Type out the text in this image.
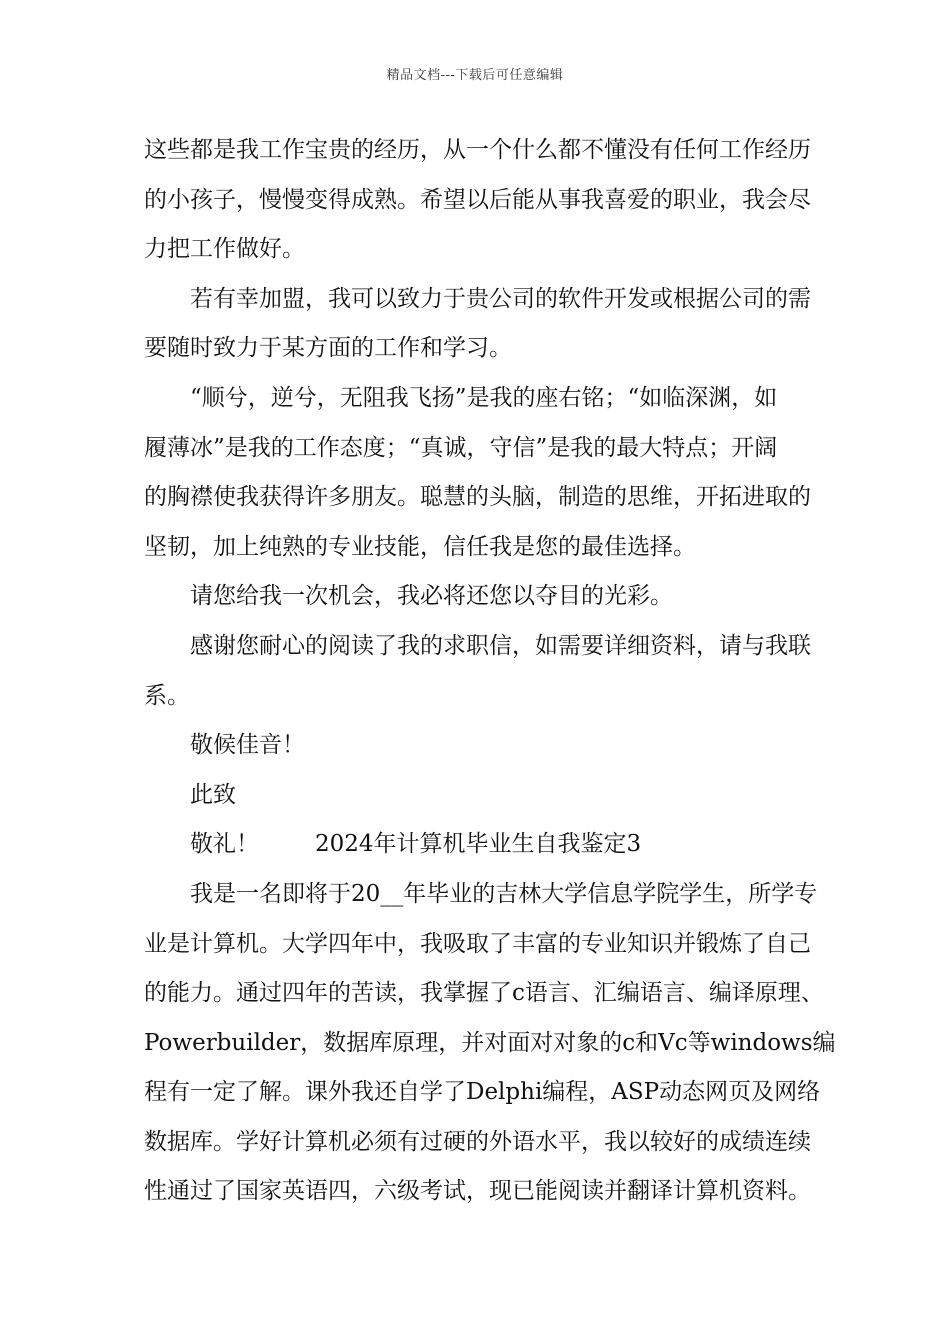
精品文档---下载后可任意编辑
这些都是我工作宝贵的经历，从一个什么都不懂没有任何工作经历
的小孩子，慢慢变得成熟。希望以后能从事我喜爱的职业，我会尽
力把工作做好。
若有幸加盟，我可以致力于贵公司的软件开发或根据公司的需
要随时致力于某方面的工作和学习。
“顺兮，逆兮，无阻我飞扬”是我的座右铭；“如临深渊，如
履薄冰”是我的工作态度；“真诚，守信”是我的最大特点；开阔
的胸襟使我获得许多朋友。聪慧的头脑，制造的思维，开拓进取的
坚韧，加上纯熟的专业技能，信任我是您的最佳选择。
请您给我一次机会，我必将还您以夺目的光彩。
感谢您耐心的阅读了我的求职信，如需要详细资料，请与我联
系。
敬候佳音！
此致
敬礼！ 2024年计算机毕业生自我鉴定3
我是一名即将于20__年毕业的吉林大学信息学院学生，所学专
业是计算机。大学四年中，我吸取了丰富的专业知识并锻炼了自己
的能力。通过四年的苦读，我掌握了c语言、汇编语言、编译原理、
Powerbuilder，数据库原理，并对面对对象的c和Vc等windows编
程有一定了解。课外我还自学了Delphi编程，ASP动态网页及网络
数据库。学好计算机必须有过硬的外语水平，我以较好的成绩连续
性通过了国家英语四，六级考试，现已能阅读并翻译计算机资料。
